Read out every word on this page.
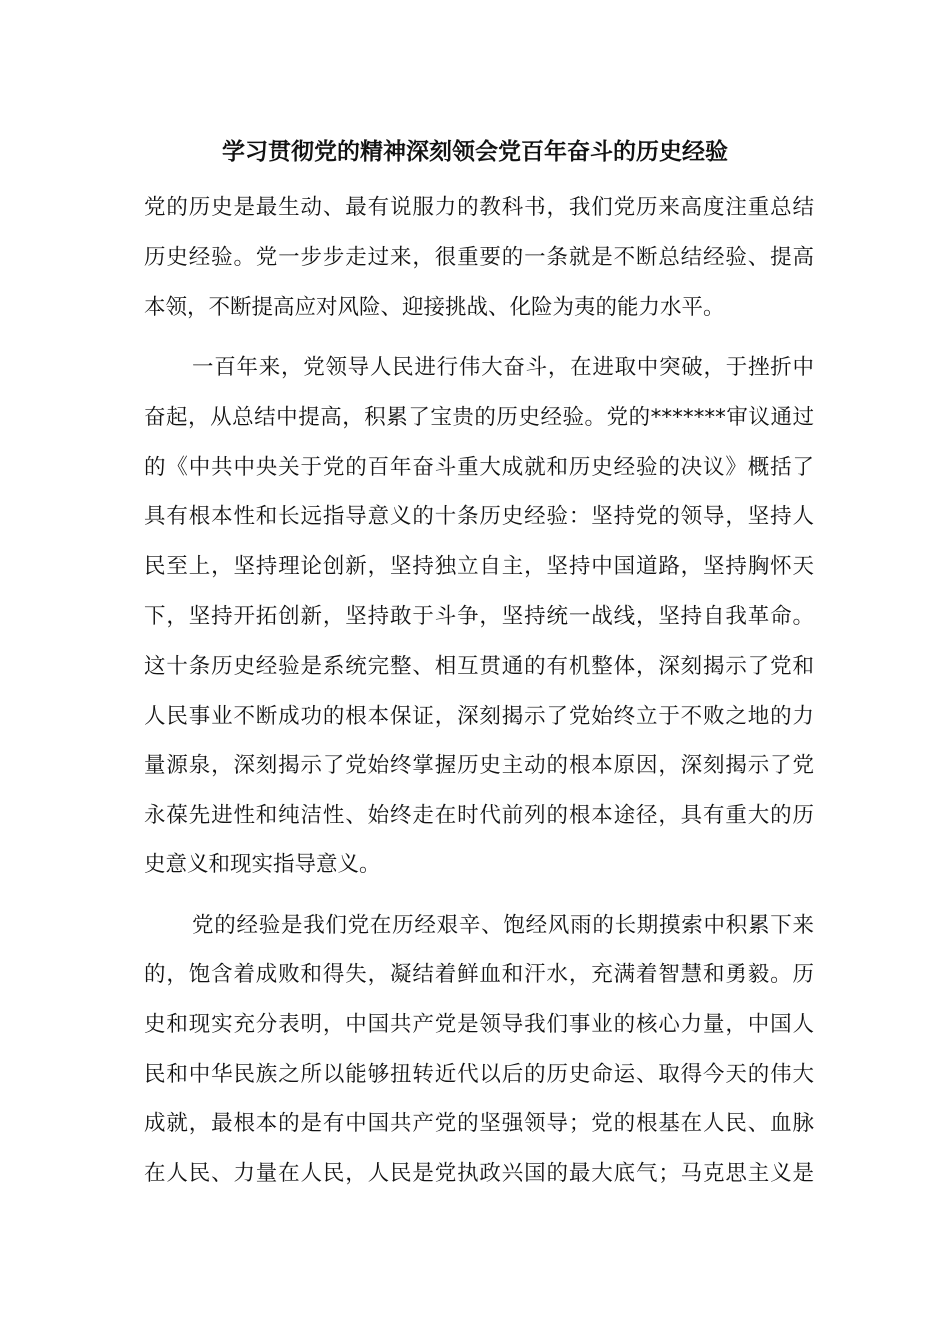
学习贯彻党的精神深刻领会党百年奋斗的历史经验
党的历史是最生动、最有说服力的教科书，我们党历来高度注重总结
历史经验。党一步步走过来，很重要的一条就是不断总结经验、提高
本领，不断提高应对风险、迎接挑战、化险为夷的能力水平。
一百年来，党领导人民进行伟大奋斗，在进取中突破，于挫折中
奋起，从总结中提高，积累了宝贵的历史经验。党的*******审议通过
的《中共中央关于党的百年奋斗重大成就和历史经验的决议》概括了
具有根本性和长远指导意义的十条历史经验：坚持党的领导，坚持人
民至上，坚持理论创新，坚持独立自主，坚持中国道路，坚持胸怀天
下，坚持开拓创新，坚持敢于斗争，坚持统一战线，坚持自我革命。
这十条历史经验是系统完整、相互贯通的有机整体，深刻揭示了党和
人民事业不断成功的根本保证，深刻揭示了党始终立于不败之地的力
量源泉，深刻揭示了党始终掌握历史主动的根本原因，深刻揭示了党
永葆先进性和纯洁性、始终走在时代前列的根本途径，具有重大的历
史意义和现实指导意义。
党的经验是我们党在历经艰辛、饱经风雨的长期摸索中积累下来
的，饱含着成败和得失，凝结着鲜血和汗水，充满着智慧和勇毅。历
史和现实充分表明，中国共产党是领导我们事业的核心力量，中国人
民和中华民族之所以能够扭转近代以后的历史命运、取得今天的伟大
成就，最根本的是有中国共产党的坚强领导；党的根基在人民、血脉
在人民、力量在人民，人民是党执政兴国的最大底气；马克思主义是
